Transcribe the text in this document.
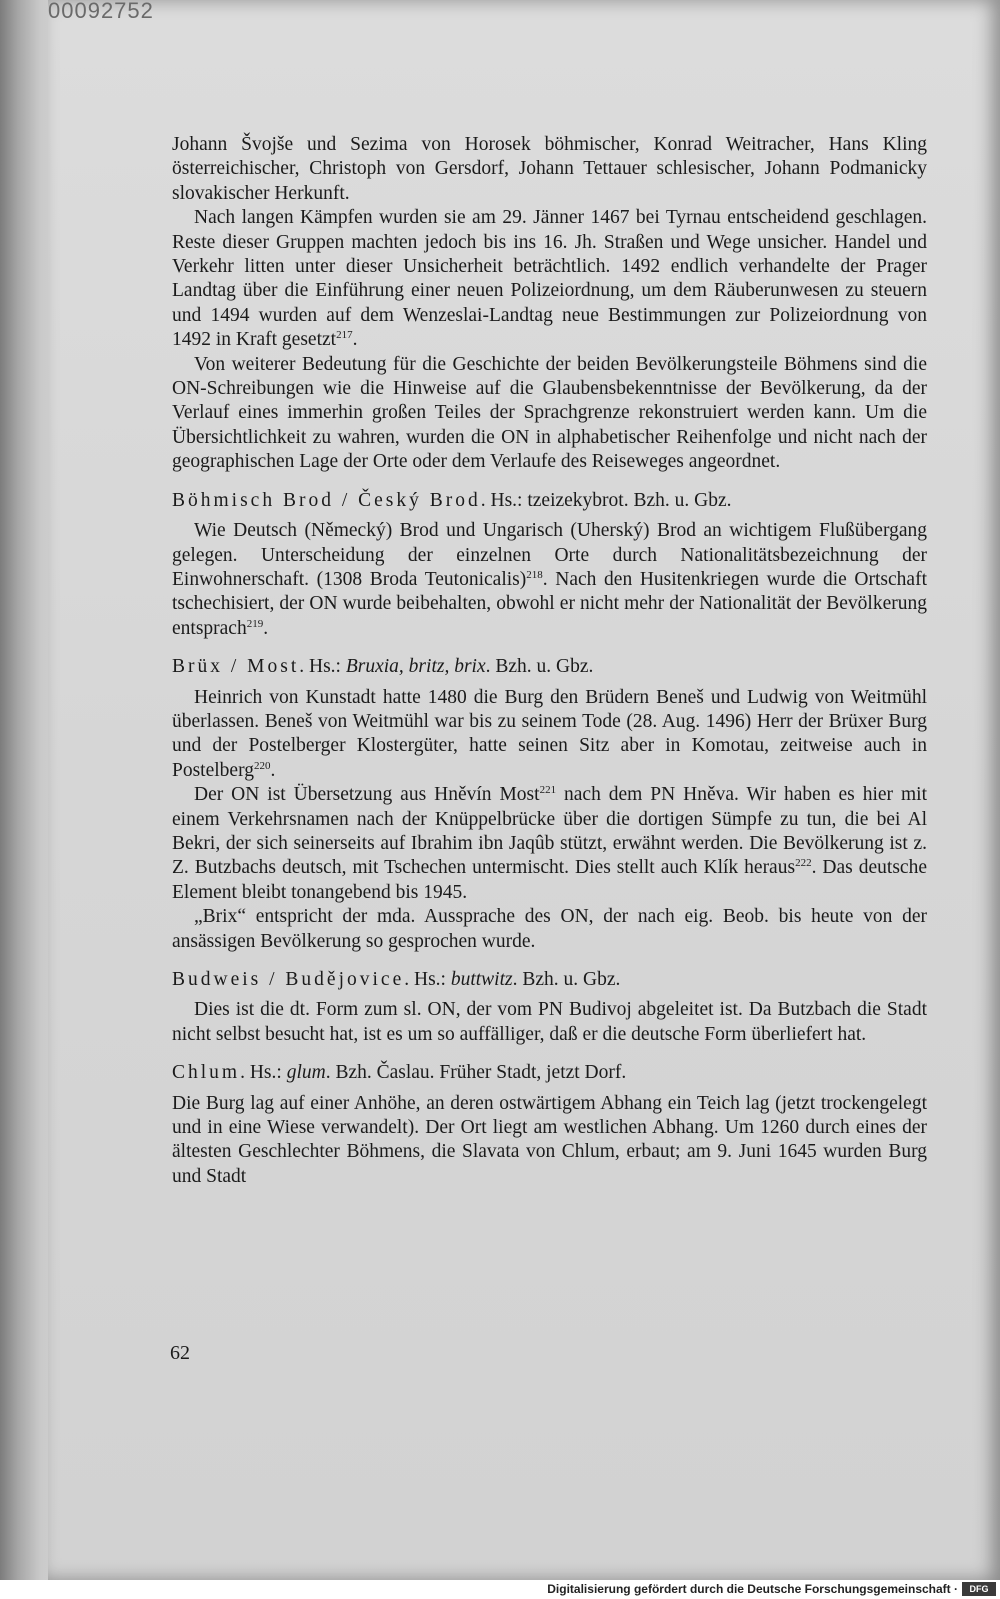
00092752

Johann Švojše und Sezima von Horosek böhmischer, Konrad Weitracher, Hans Kling österreichischer, Christoph von Gersdorf, Johann Tettauer schlesischer, Johann Podmanicky slovakischer Herkunft.

Nach langen Kämpfen wurden sie am 29. Jänner 1467 bei Tyrnau entscheidend geschlagen. Reste dieser Gruppen machten jedoch bis ins 16. Jh. Straßen und Wege unsicher. Handel und Verkehr litten unter dieser Unsicherheit beträchtlich. 1492 endlich verhandelte der Prager Landtag über die Einführung einer neuen Polizeiordnung, um dem Räuberunwesen zu steuern und 1494 wurden auf dem Wenzeslai-Landtag neue Bestimmungen zur Polizeiordnung von 1492 in Kraft gesetzt$^{217}$.

Von weiterer Bedeutung für die Geschichte der beiden Bevölkerungsteile Böhmens sind die ON-Schreibungen wie die Hinweise auf die Glaubensbekenntnisse der Bevölkerung, da der Verlauf eines immerhin großen Teiles der Sprachgrenze rekonstruiert werden kann. Um die Übersichtlichkeit zu wahren, wurden die ON in alphabetischer Reihenfolge und nicht nach der geographischen Lage der Orte oder dem Verlaufe des Reiseweges angeordnet.

Böhmisch Brod / Český Brod. Hs.: tzeizekybrot. Bzh. u. Gbz.

Wie Deutsch (Německý) Brod und Ungarisch (Uherský) Brod an wichtigem Flußübergang gelegen. Unterscheidung der einzelnen Orte durch Nationalitätsbezeichnung der Einwohnerschaft. (1308 Broda Teutonicalis)$^{218}$. Nach den Husitenkriegen wurde die Ortschaft tschechisiert, der ON wurde beibehalten, obwohl er nicht mehr der Nationalität der Bevölkerung entsprach$^{219}$.

Brüx / Most. Hs.: Bruxia, britz, brix. Bzh. u. Gbz.

Heinrich von Kunstadt hatte 1480 die Burg den Brüdern Beneš und Ludwig von Weitmühl überlassen. Beneš von Weitmühl war bis zu seinem Tode (28. Aug. 1496) Herr der Brüxer Burg und der Postelberger Klostergüter, hatte seinen Sitz aber in Komotau, zeitweise auch in Postelberg$^{220}$.

Der ON ist Übersetzung aus Hněvín Most$^{221}$ nach dem PN Hněva. Wir haben es hier mit einem Verkehrsnamen nach der Knüppelbrücke über die dortigen Sümpfe zu tun, die bei Al Bekri, der sich seinerseits auf Ibrahim ibn Jaqûb stützt, erwähnt werden. Die Bevölkerung ist z. Z. Butzbachs deutsch, mit Tschechen untermischt. Dies stellt auch Klík heraus$^{222}$. Das deutsche Element bleibt tonangebend bis 1945.

„Brix“ entspricht der mda. Aussprache des ON, der nach eig. Beob. bis heute von der ansässigen Bevölkerung so gesprochen wurde.

Budweis / Budějovice. Hs.: buttwitz. Bzh. u. Gbz.

Dies ist die dt. Form zum sl. ON, der vom PN Budivoj abgeleitet ist. Da Butzbach die Stadt nicht selbst besucht hat, ist es um so auffälliger, daß er die deutsche Form überliefert hat.

Chlum. Hs.: glum. Bzh. Časlau. Früher Stadt, jetzt Dorf.

Die Burg lag auf einer Anhöhe, an deren ostwärtigem Abhang ein Teich lag (jetzt trockengelegt und in eine Wiese verwandelt). Der Ort liegt am westlichen Abhang. Um 1260 durch eines der ältesten Geschlechter Böhmens, die Slavata von Chlum, erbaut; am 9. Juni 1645 wurden Burg und Stadt

62
Digitalisierung gefördert durch die Deutsche Forschungsgemeinschaft ·	DFG
